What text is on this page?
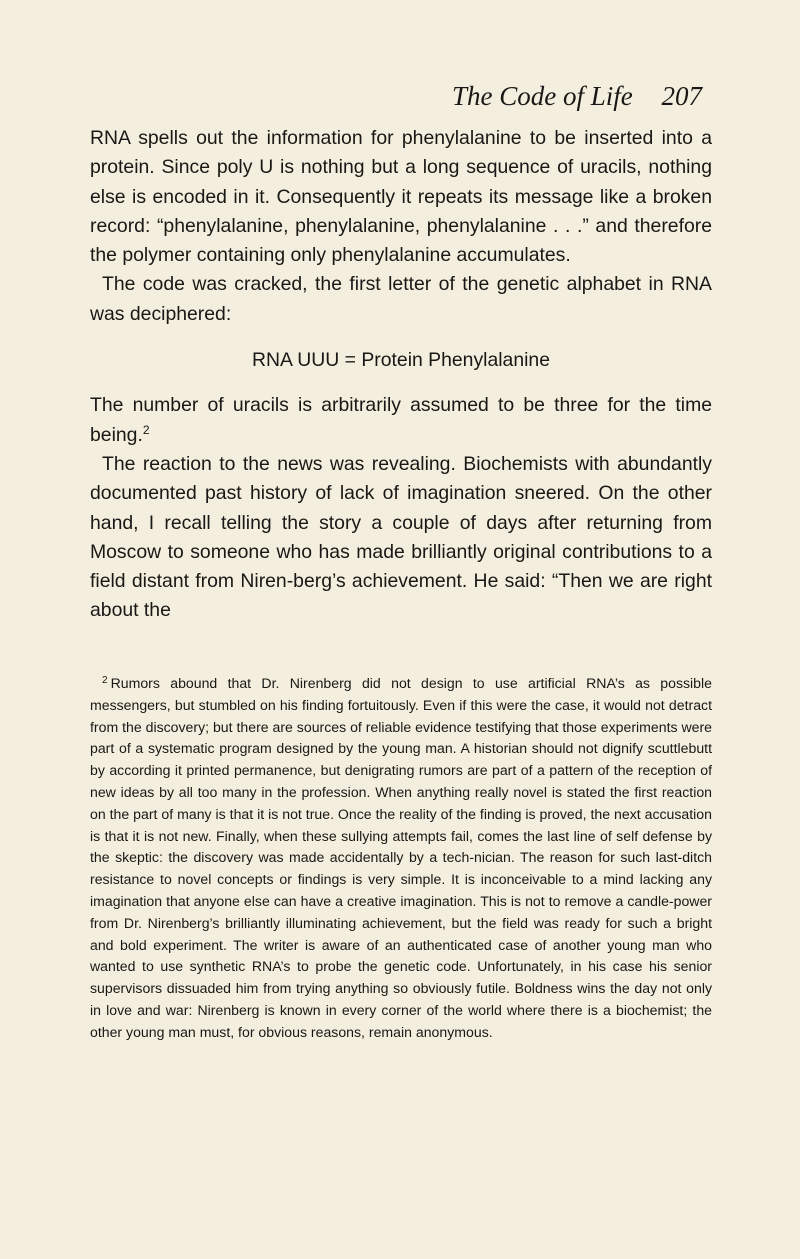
The Code of Life 207

RNA spells out the information for phenylalanine to be inserted into a protein. Since poly U is nothing but a long sequence of uracils, nothing else is encoded in it. Consequently it repeats its message like a broken record: “phenylalanine, phenylalanine, phenylalanine . . .” and therefore the polymer containing only phenylalanine accumulates.

The code was cracked, the first letter of the genetic alphabet in RNA was deciphered:

RNA UUU = Protein Phenylalanine

The number of uracils is arbitrarily assumed to be three for the time being.$^2$

The reaction to the news was revealing. Biochemists with abundantly documented past history of lack of imagination sneered. On the other hand, I recall telling the story a couple of days after returning from Moscow to someone who has made brilliantly original contributions to a field distant from Niren-berg’s achievement. He said: “Then we are right about the

$^2$ Rumors abound that Dr. Nirenberg did not design to use artificial RNA’s as possible messengers, but stumbled on his finding fortuitously. Even if this were the case, it would not detract from the discovery; but there are sources of reliable evidence testifying that those experiments were part of a systematic program designed by the young man. A historian should not dignify scuttlebutt by according it printed permanence, but denigrating rumors are part of a pattern of the reception of new ideas by all too many in the profession. When anything really novel is stated the first reaction on the part of many is that it is not true. Once the reality of the finding is proved, the next accusation is that it is not new. Finally, when these sullying attempts fail, comes the last line of self defense by the skeptic: the discovery was made accidentally by a tech-nician. The reason for such last-ditch resistance to novel concepts or findings is very simple. It is inconceivable to a mind lacking any imagination that anyone else can have a creative imagination. This is not to remove a candle-power from Dr. Nirenberg’s brilliantly illuminating achievement, but the field was ready for such a bright and bold experiment. The writer is aware of an authenticated case of another young man who wanted to use synthetic RNA’s to probe the genetic code. Unfortunately, in his case his senior supervisors dissuaded him from trying anything so obviously futile. Boldness wins the day not only in love and war: Nirenberg is known in every corner of the world where there is a biochemist; the other young man must, for obvious reasons, remain anonymous.
